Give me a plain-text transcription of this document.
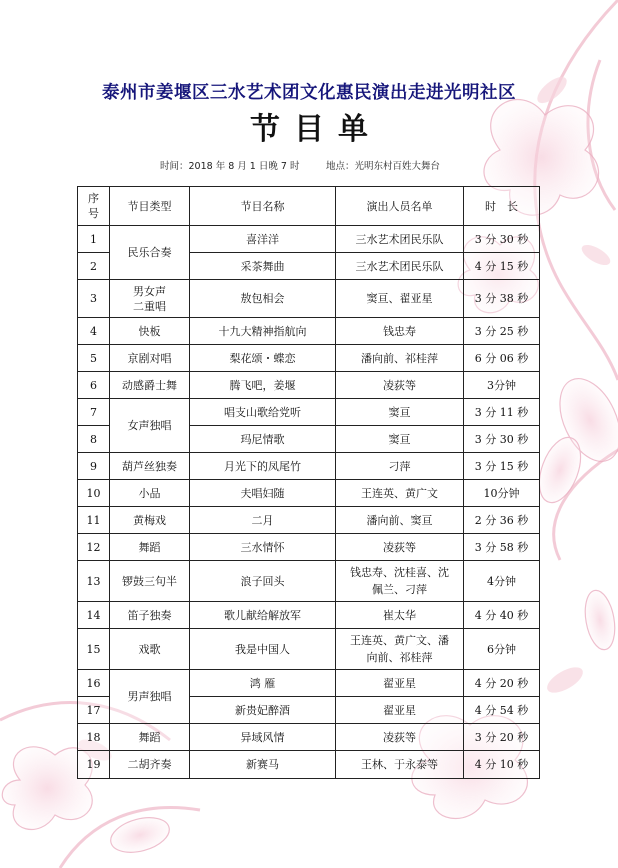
泰州市姜堰区三水艺术团文化惠民演出走进光明社区
节目单
时间：2018 年 8 月 1 日晚 7 时	地点：光明东村百姓大舞台
序号	节目类型	节目名称	演出人员名单	时　长
1	民乐合奏	喜洋洋	三水艺术团民乐队	3 分 30 秒
2		采茶舞曲	三水艺术团民乐队	4 分 15 秒
3	男女声二重唱	敖包相会	窦亘、翟亚星	3 分 38 秒
4	快板	十九大精神指航向	钱忠寿	3 分 25 秒
5	京剧对唱	梨花颂・蝶恋	潘向前、祁桂萍	6 分 06 秒
6	动感爵士舞	腾飞吧，姜堰	凌荻等	3分钟
7	女声独唱	唱支山歌给党听	窦亘	3 分 11 秒
8		玛尼情歌	窦亘	3 分 30 秒
9	葫芦丝独奏	月光下的凤尾竹	刁萍	3 分 15 秒
10	小品	夫唱妇随	王连英、黄广文	10分钟
11	黄梅戏	二月	潘向前、窦亘	2 分 36 秒
12	舞蹈	三水情怀	凌荻等	3 分 58 秒
13	锣鼓三句半	浪子回头	钱忠寿、沈桂喜、沈佩兰、刁萍	4分钟
14	笛子独奏	歌儿献给解放军	崔太华	4 分 40 秒
15	戏歌	我是中国人	王连英、黄广文、潘向前、祁桂萍	6分钟
16	男声独唱	鸿 雁	翟亚星	4 分 20 秒
17		新贵妃醉酒	翟亚星	4 分 54 秒
18	舞蹈	异域风情	凌荻等	3 分 20 秒
19	二胡齐奏	新赛马	王林、于永泰等	4 分 10 秒
